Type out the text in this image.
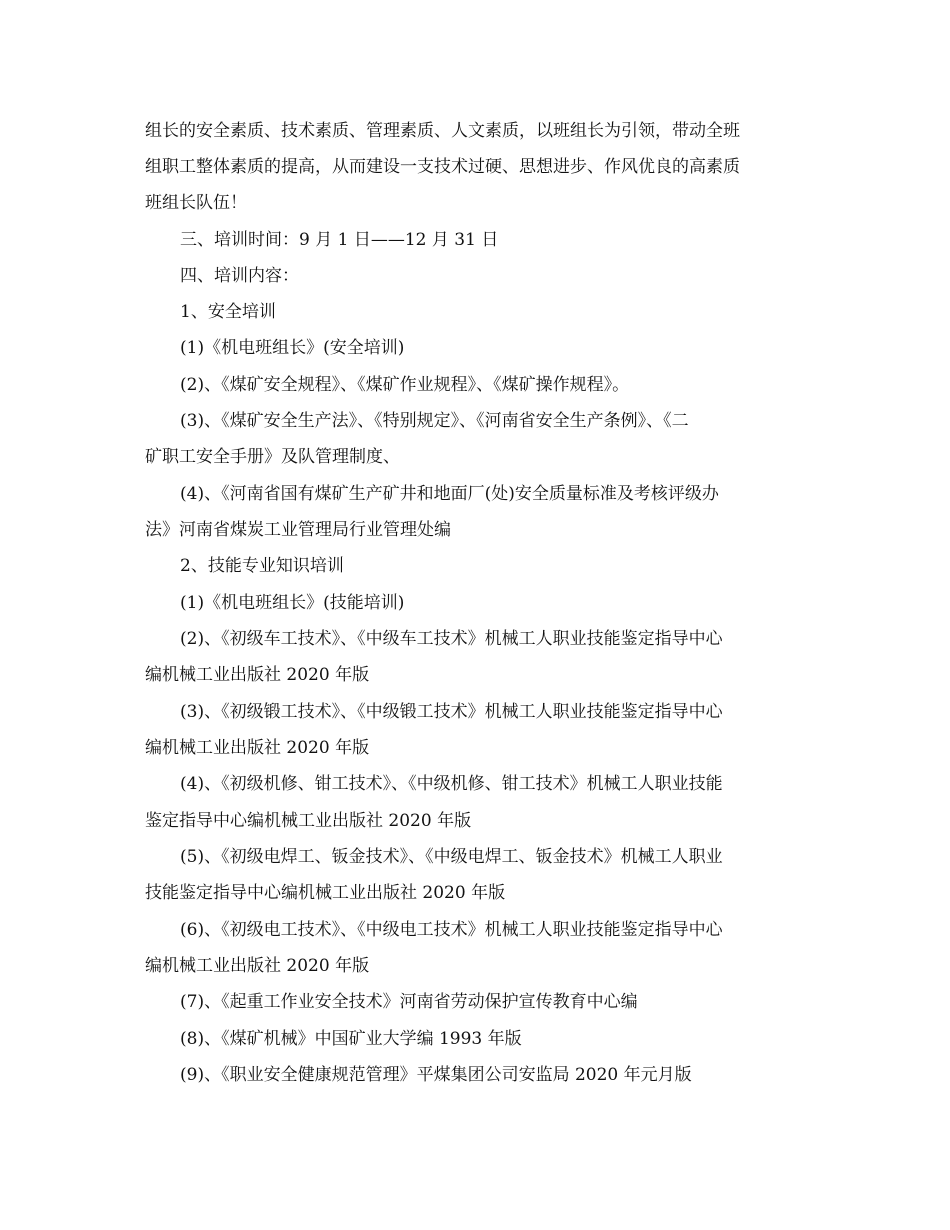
组长的安全素质、技术素质、管理素质、人文素质，以班组长为引领，带动全班

组职工整体素质的提高，从而建设一支技术过硬、思想进步、作风优良的高素质

班组长队伍！

三、培训时间：9 月 1 日——12 月 31 日

四、培训内容：

1、安全培训

(1)《机电班组长》(安全培训)

(2)、《煤矿安全规程》、《煤矿作业规程》、《煤矿操作规程》。

(3)、《煤矿安全生产法》、《特别规定》、《河南省安全生产条例》、《二

矿职工安全手册》及队管理制度、

(4)、《河南省国有煤矿生产矿井和地面厂(处)安全质量标准及考核评级办

法》河南省煤炭工业管理局行业管理处编

2、技能专业知识培训

(1)《机电班组长》(技能培训)

(2)、《初级车工技术》、《中级车工技术》机械工人职业技能鉴定指导中心

编机械工业出版社 2020 年版

(3)、《初级锻工技术》、《中级锻工技术》机械工人职业技能鉴定指导中心

编机械工业出版社 2020 年版

(4)、《初级机修、钳工技术》、《中级机修、钳工技术》机械工人职业技能

鉴定指导中心编机械工业出版社 2020 年版

(5)、《初级电焊工、钣金技术》、《中级电焊工、钣金技术》机械工人职业

技能鉴定指导中心编机械工业出版社 2020 年版

(6)、《初级电工技术》、《中级电工技术》机械工人职业技能鉴定指导中心

编机械工业出版社 2020 年版

(7)、《起重工作业安全技术》河南省劳动保护宣传教育中心编

(8)、《煤矿机械》中国矿业大学编 1993 年版

(9)、《职业安全健康规范管理》平煤集团公司安监局 2020 年元月版
